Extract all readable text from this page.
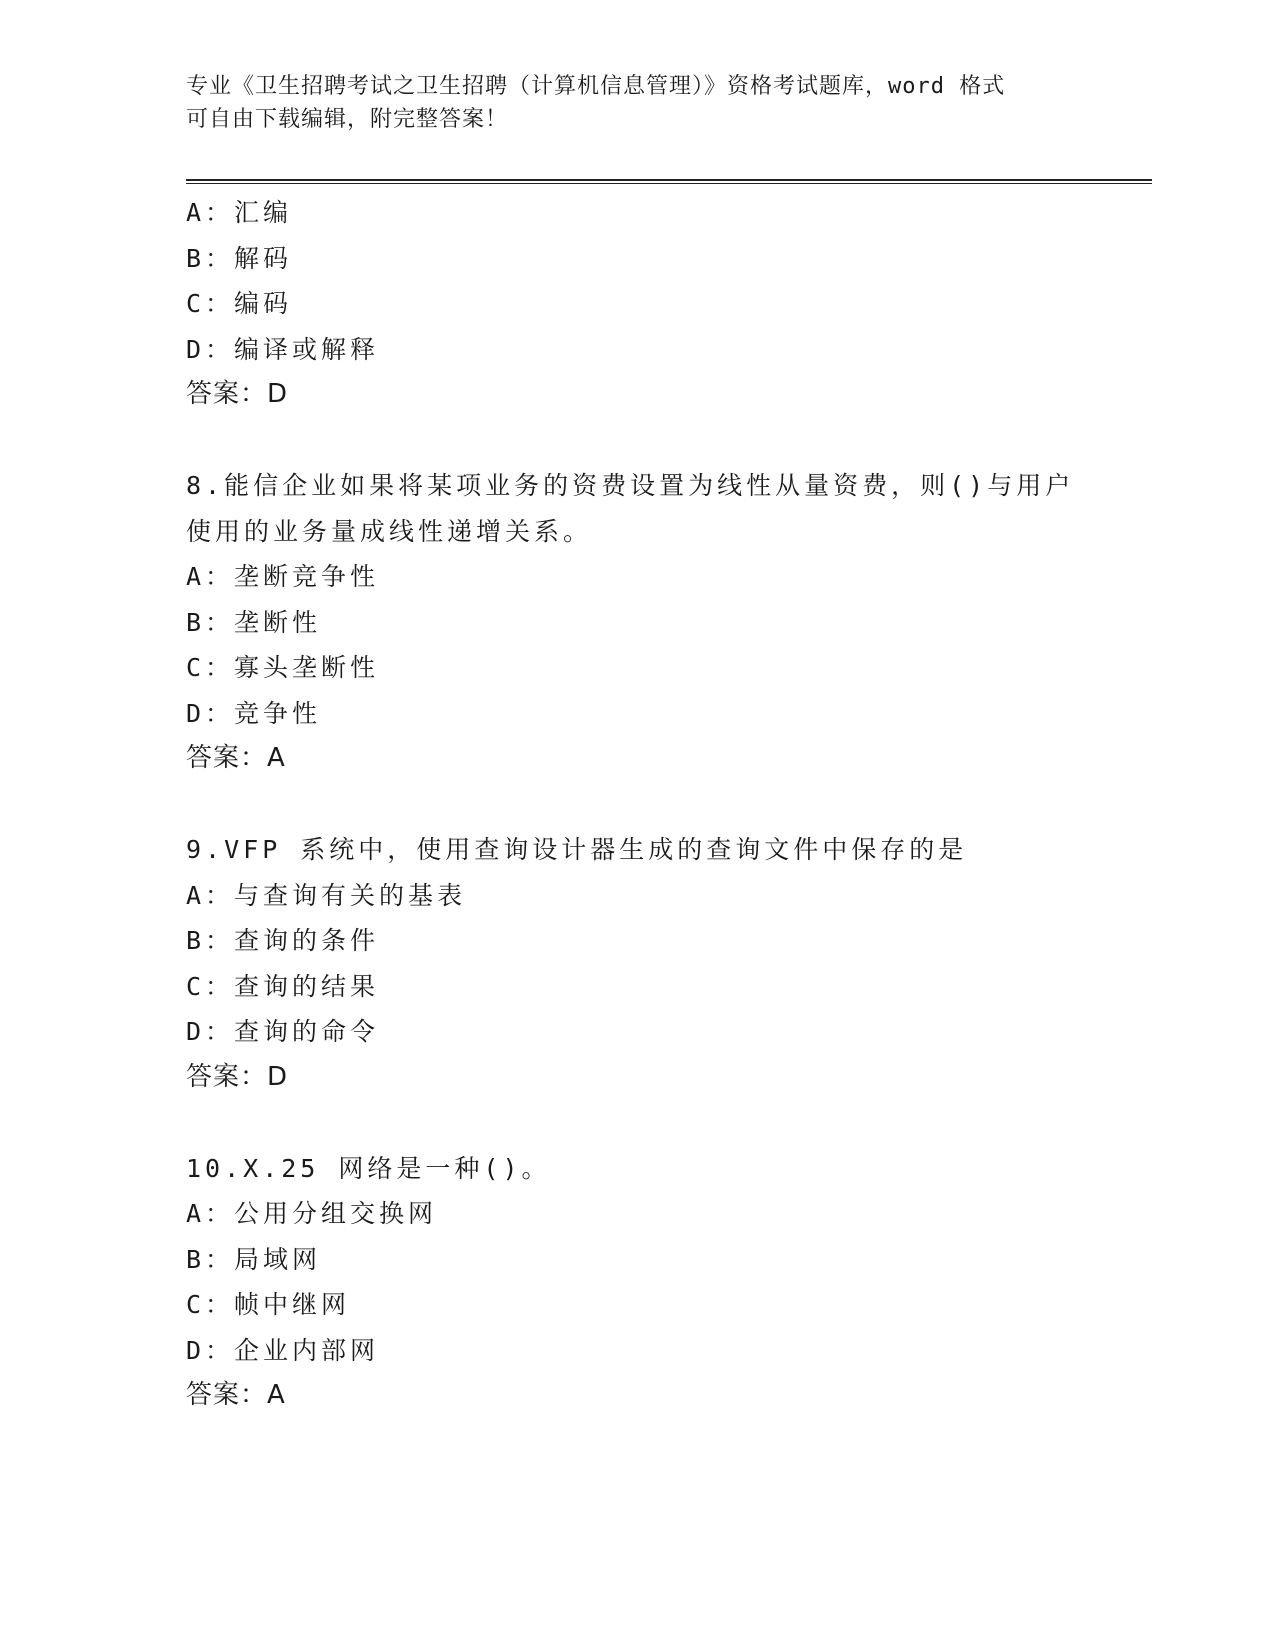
专业《卫生招聘考试之卫生招聘（计算机信息管理）》资格考试题库，word 格式
可自由下载编辑，附完整答案！
A：汇编
B：解码
C：编码
D：编译或解释
答案：D
8.能信企业如果将某项业务的资费设置为线性从量资费，则()与用户
使用的业务量成线性递增关系。
A：垄断竞争性
B：垄断性
C：寡头垄断性
D：竞争性
答案：A
9.VFP 系统中，使用查询设计器生成的查询文件中保存的是
A：与查询有关的基表
B：查询的条件
C：查询的结果
D：查询的命令
答案：D
10.X.25 网络是一种()。
A：公用分组交换网
B：局域网
C：帧中继网
D：企业内部网
答案：A
